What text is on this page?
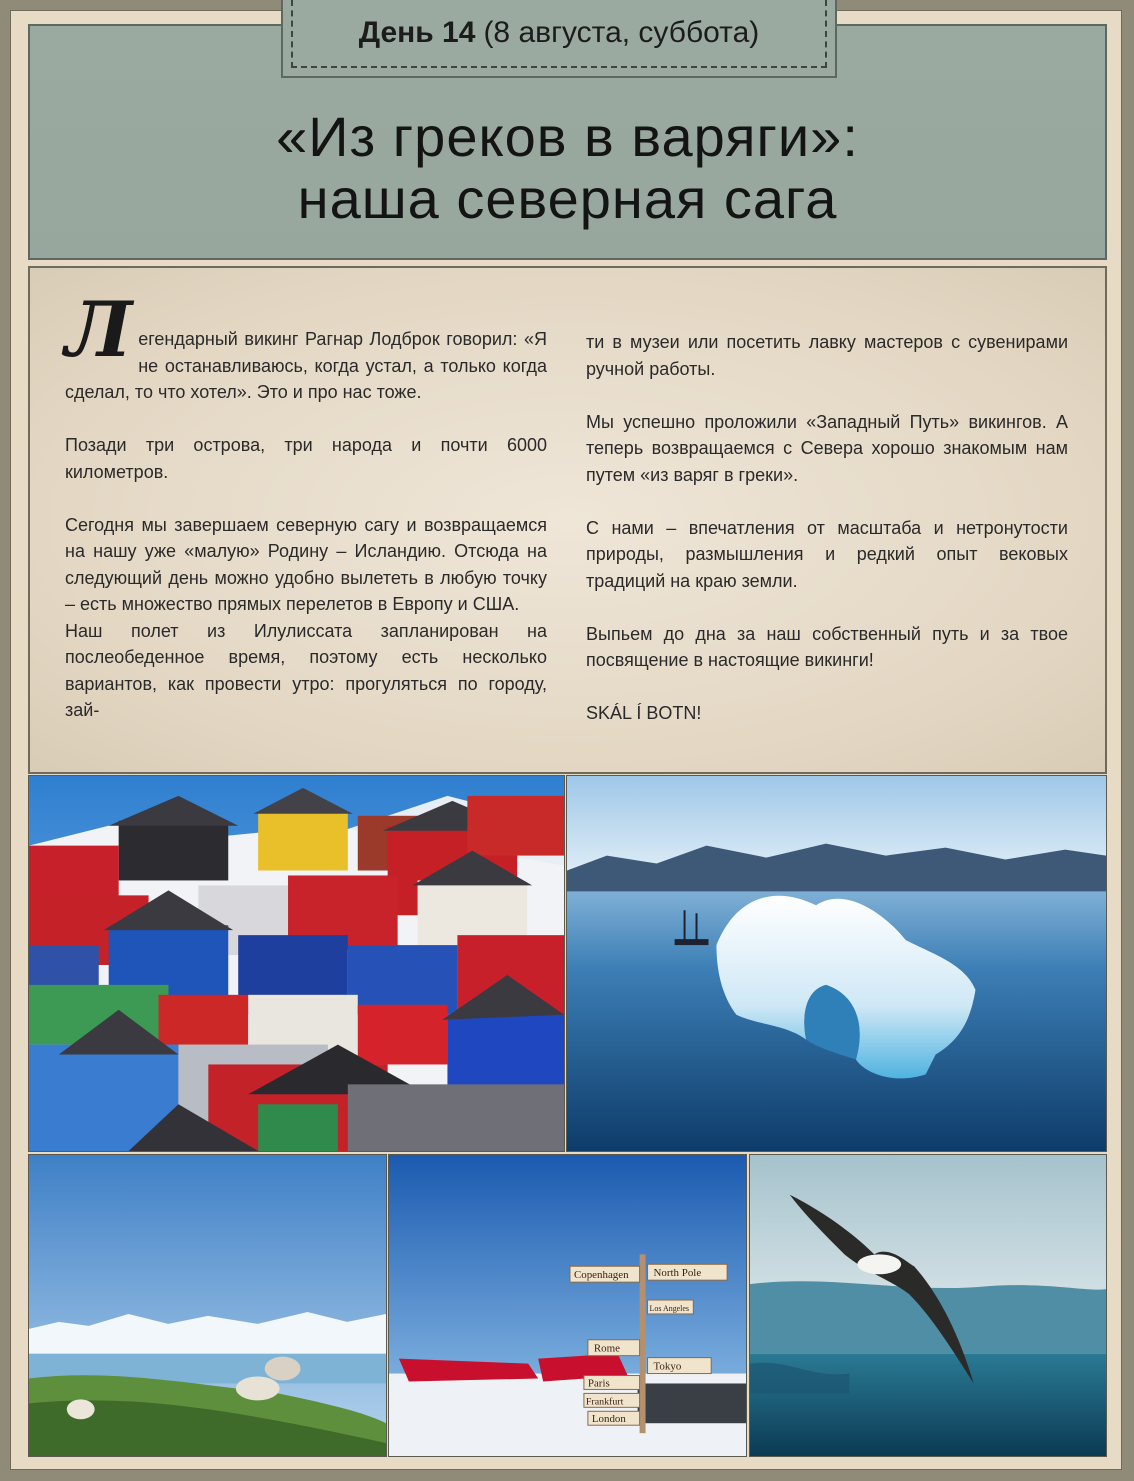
День 14 (8 августа, суббота)
«Из греков в варяги»:
наша северная сага

Легендарный викинг Рагнар Лодброк говорил: «Я не останавливаюсь, когда устал, а только когда сделал, то что хотел». Это и про нас тоже.

Позади три острова, три народа и почти 6000 километров.

Сегодня мы завершаем северную сагу и возвращаемся на нашу уже «малую» Родину – Исландию. Отсюда на следующий день можно удобно вылететь в любую точку – есть множество прямых перелетов в Европу и США.

Наш полет из Илулиссата запланирован на послеобеденное время, поэтому есть несколько вариантов, как провести утро: прогуляться по городу, зай-

ти в музеи или посетить лавку мастеров с сувенирами ручной работы.

Мы успешно проложили «Западный Путь» викингов. А теперь возвращаемся с Севера хорошо знакомым нам путем «из варяг в греки».

С нами – впечатления от масштаба и нетронутости природы, размышления и редкий опыт вековых традиций на краю земли.

Выпьем до дна за наш собственный путь и за твое посвящение в настоящие викинги!

SKÁL Í BOTN!

North Pole
Copenhagen
Los Angeles
Rome
Tokyo
Paris
Frankfurt
London
